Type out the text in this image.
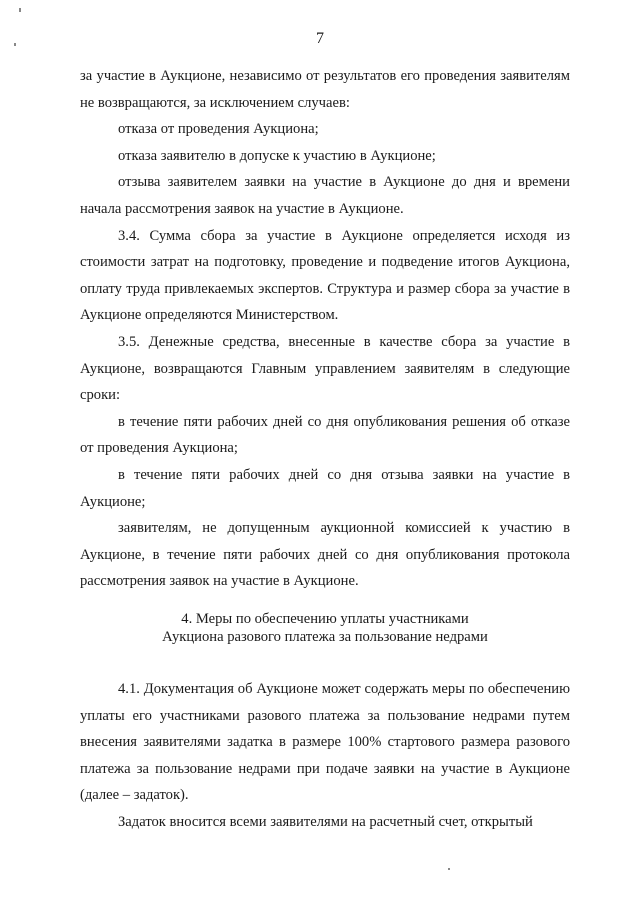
7

за участие в Аукционе, независимо от результатов его проведения заявителям не возвращаются, за исключением случаев:

отказа от проведения Аукциона;

отказа заявителю в допуске к участию в Аукционе;

отзыва заявителем заявки на участие в Аукционе до дня и времени начала рассмотрения заявок на участие в Аукционе.

3.4. Сумма сбора за участие в Аукционе определяется исходя из стоимости затрат на подготовку, проведение и подведение итогов Аукциона, оплату труда привлекаемых экспертов. Структура и размер сбора за участие в Аукционе определяются Министерством.

3.5. Денежные средства, внесенные в качестве сбора за участие в Аукционе, возвращаются Главным управлением заявителям в следующие сроки:

в течение пяти рабочих дней со дня опубликования решения об отказе от проведения Аукциона;

в течение пяти рабочих дней со дня отзыва заявки на участие в Аукционе;

заявителям, не допущенным аукционной комиссией к участию в Аукционе, в течение пяти рабочих дней со дня опубликования протокола рассмотрения заявок на участие в Аукционе.

4. Меры по обеспечению уплаты участниками
Аукциона разового платежа за пользование недрами

4.1. Документация об Аукционе может содержать меры по обеспечению уплаты его участниками разового платежа за пользование недрами путем внесения заявителями задатка в размере 100% стартового размера разового платежа за пользование недрами при подаче заявки на участие в Аукционе (далее – задаток).

Задаток вносится всеми заявителями на расчетный счет, открытый
